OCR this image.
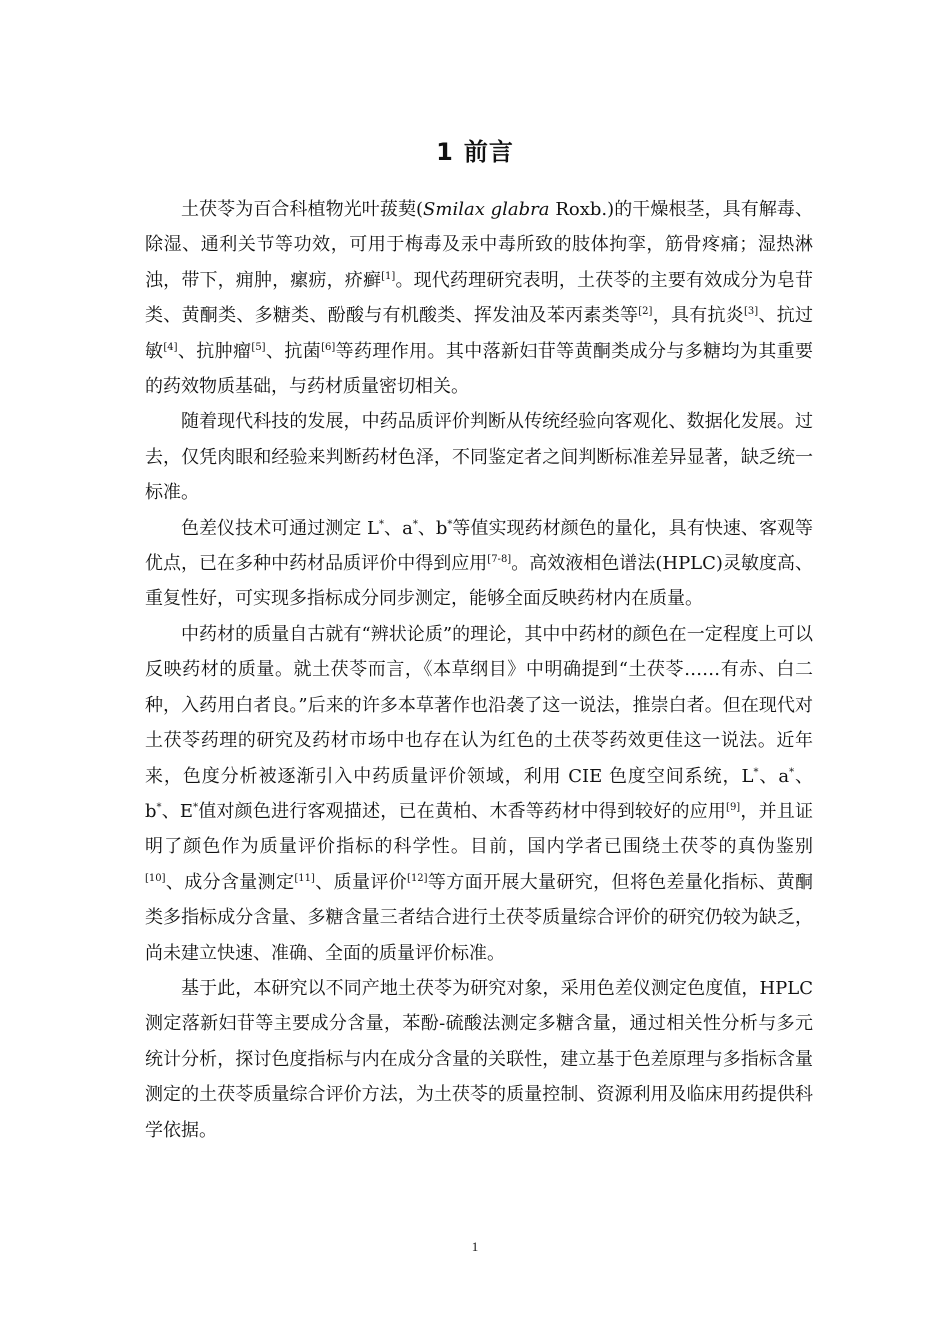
1 前言

土茯苓为百合科植物光叶菝葜(Smilax glabra Roxb.)的干燥根茎，具有解毒、除湿、通利关节等功效，可用于梅毒及汞中毒所致的肢体拘挛，筋骨疼痛；湿热淋浊，带下，痈肿，瘰疬，疥癣[1]。现代药理研究表明，土茯苓的主要有效成分为皂苷类、黄酮类、多糖类、酚酸与有机酸类、挥发油及苯丙素类等[2]，具有抗炎[3]、抗过敏[4]、抗肿瘤[5]、抗菌[6]等药理作用。其中落新妇苷等黄酮类成分与多糖均为其重要的药效物质基础，与药材质量密切相关。

随着现代科技的发展，中药品质评价判断从传统经验向客观化、数据化发展。过去，仅凭肉眼和经验来判断药材色泽，不同鉴定者之间判断标准差异显著，缺乏统一标准。

色差仪技术可通过测定 L*、a*、b*等值实现药材颜色的量化，具有快速、客观等优点，已在多种中药材品质评价中得到应用[7-8]。高效液相色谱法(HPLC)灵敏度高、重复性好，可实现多指标成分同步测定，能够全面反映药材内在质量。

中药材的质量自古就有“辨状论质”的理论，其中中药材的颜色在一定程度上可以反映药材的质量。就土茯苓而言，《本草纲目》中明确提到“土茯苓……有赤、白二种，入药用白者良。”后来的许多本草著作也沿袭了这一说法，推崇白者。但在现代对土茯苓药理的研究及药材市场中也存在认为红色的土茯苓药效更佳这一说法。近年来，色度分析被逐渐引入中药质量评价领域，利用 CIE 色度空间系统，L*、a*、b*、E*值对颜色进行客观描述，已在黄柏、木香等药材中得到较好的应用[9]，并且证明了颜色作为质量评价指标的科学性。目前，国内学者已围绕土茯苓的真伪鉴别[10]、成分含量测定[11]、质量评价[12]等方面开展大量研究，但将色差量化指标、黄酮类多指标成分含量、多糖含量三者结合进行土茯苓质量综合评价的研究仍较为缺乏，尚未建立快速、准确、全面的质量评价标准。

基于此，本研究以不同产地土茯苓为研究对象，采用色差仪测定色度值，HPLC 测定落新妇苷等主要成分含量，苯酚-硫酸法测定多糖含量，通过相关性分析与多元统计分析，探讨色度指标与内在成分含量的关联性，建立基于色差原理与多指标含量测定的土茯苓质量综合评价方法，为土茯苓的质量控制、资源利用及临床用药提供科学依据。

1
